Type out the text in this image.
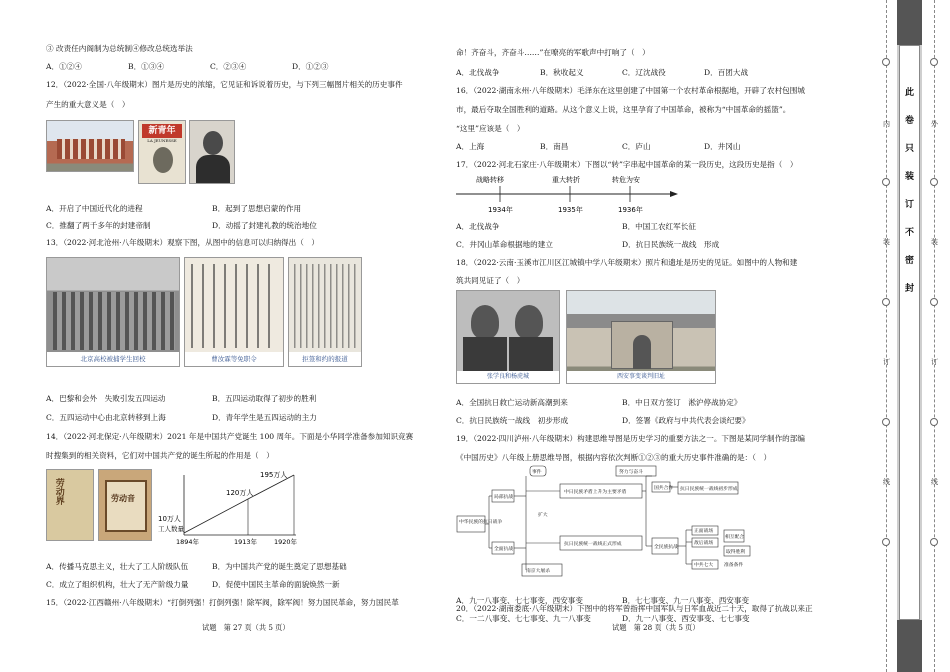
③ 改责任内阁制为总统制④修改总统选举法
A．①②④	B．①③④	C．②③④	D．①②③
12．（2022·全国·八年级期末）图片是历史的浓缩，它见证和诉说着历史，与下列三幅图片相关的历史事件
产生的重大意义是（　）
新青年
LA JEUNESSE
A．开启了中国近代化的进程	B．起到了思想启蒙的作用
C．推翻了两千多年的封建帝制	D．动摇了封建礼教的统治地位
13．（2022·河北沧州·八年级期末）观察下图，从图中的信息可以归纳得出（　）
北京高校被捕学生回校	曹汝霖等免职令	拒签和约的报道
A．巴黎和会外　失败引发五四运动	B．五四运动取得了初步的胜利
C．五四运动中心由北京转移到上海	D．青年学生是五四运动的主力
14．（2022·河北保定·八年级期末）2021 年是中国共产党诞生 100 周年。下面是小华同学准备参加知识竞赛
时搜集到的相关资料，它们对中国共产党的诞生所起的作用是（　）
劳动界	劳动音
195万人
120万人
10万人
工人数量
1894年	1913年	1920年
A．传播马克思主义，壮大了工人阶级队伍	B．为中国共产党的诞生奠定了思想基础
C．成立了组织机构，壮大了无产阶级力量	D．促使中国民主革命的面貌焕然一新
15．（2022·江西赣州·八年级期末）“打倒列强！打倒列强！除军阀，除军阀！努力国民革命，努力国民革
试题　第 27 页（共 5 页）
命！齐奋斗，齐奋斗……”在嘹亮的军歌声中打响了（　）
A．北伐战争	B．秋收起义	C．辽沈战役	D．百团大战
16．（2022·湖南永州·八年级期末）毛泽东在这里创建了中国第一个农村革命根据地，开辟了农村包围城
市，最后夺取全国胜利的道路。从这个意义上说，这里孕育了中国革命，被称为“中国革命的摇篮”。
“这里”应该是（　）
A．上海	B．南昌	C．庐山	D．井冈山
17．（2022·河北石家庄·八年级期末）下图以“转”字串起中国革命的某一段历史，这段历史是指（　）
战略转移	重大转折	转危为安
1934年	1935年	1936年
A．北伐战争	B．中国工农红军长征
C．井冈山革命根据地的建立	D．抗日民族统一战线　形成
18．（2022·云南·玉溪市江川区江城镇中学八年级期末）照片和遗址是历史的见证。如图中的人物和建
筑共同见证了（　）
张学良和杨虎城	西安事变谈判旧址
A．全国抗日救亡运动新高潮到来	B．中日双方签订　淞沪停战协定》
C．抗日民族统一战线　初步形成	D．签署《政府与中共代表会谈纪要》
19．（2022·四川泸州·八年级期末）构建思维导图是历史学习的重要方法之一。下图是某同学制作的部编
《中国历史》八年级上册思维导图，根据内容依次判断①②③的重大历史事件准确的是：（　）
中华民族的抗日战争
局部抗战
全面抗战
事件
扩大
中日民族矛盾上升为主要矛盾
抗日民族统一战线正式形成
南京大屠杀
努力与奋斗
国共合作 抗日民族统一战线初步形成
全民族抗战
正面战场
敌后战场
相互配合
中共七大 准备条件
取得胜利
A．九一八事变、七七事变，西安事变	B．七七事变、九一八事变、西安事变
C．一二八事变、七七事变、九一八事变	D．九一八事变、西安事变、七七事变
20．（2022·湖南娄底·八年级期末）下图中的将军曾指挥中国军队与日军血战近二十天，取得了抗战以来正
试题　第 28 页（共 5 页）
此
卷
只
装
订
不
密
封
内
装
订
线
外
装
订
线
